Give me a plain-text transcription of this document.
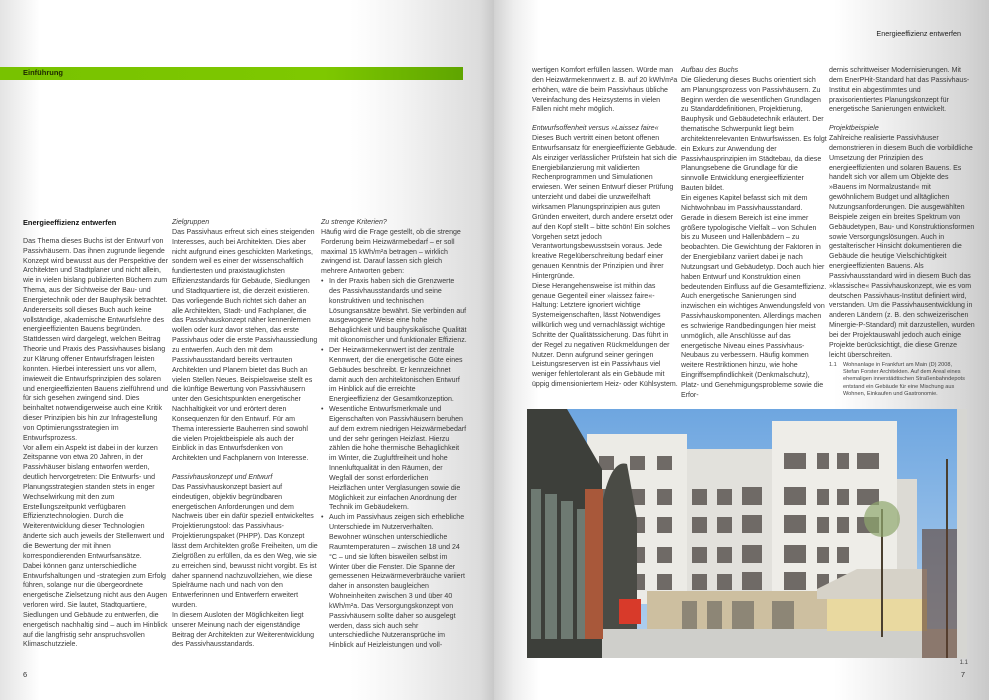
Einführung

Energieeffizienz entwerfen

Das Thema dieses Buchs ist der Entwurf von Passivhäusern. Das ihnen zugrunde liegende Konzept wird bewusst aus der Perspektive der Architekten und Stadtplaner und nicht allein, wie in vielen bislang publizierten Büchern zum Thema, aus der Sichtweise der Bau- und Energietechnik oder der Bauphysik betrachtet.

Andererseits soll dieses Buch auch keine vollständige, akademische Entwurfslehre des energieeffizienten Bauens begründen. Stattdessen wird dargelegt, welchen Beitrag Theorie und Praxis des Passivhauses bislang zur Klärung offener Entwurfsfragen leisten konnten. Hierbei interessiert uns vor allem, inwieweit die Entwurfsprinzipien des solaren und energieeffizienten Bauens zielführend und für sich gesehen zwingend sind. Dies beinhaltet notwendigerweise auch eine Kritik dieser Prinzipien bis hin zur Infragestellung von Optimierungsstrategien im Entwurfsprozess.

Vor allem ein Aspekt ist dabei in der kurzen Zeitspanne von etwa 20 Jahren, in der Passivhäuser bislang entworfen werden, deutlich hervorgetreten: Die Entwurfs- und Planungsstrategien standen stets in enger Wechselwirkung mit den zum Erstellungszeitpunkt verfügbaren Effizienztechnologien. Durch die Weiterentwicklung dieser Technologien änderte sich auch jeweils der Stellenwert und die Bewertung der mit ihnen korrespondierenden Entwurfsansätze.

Dabei können ganz unterschiedliche Entwurfshaltungen und -strategien zum Erfolg führen, solange nur die übergeordnete energetische Zielsetzung nicht aus den Augen verloren wird. Sie lautet, Stadtquartiere, Siedlungen und Gebäude zu entwerfen, die energetisch nachhaltig sind – auch im Hinblick auf die langfristig sehr anspruchsvollen Klimaschutzziele.

Zielgruppen

Das Passivhaus erfreut sich eines steigenden Interesses, auch bei Architekten. Dies aber nicht aufgrund eines geschickten Marketings, sondern weil es einer der wissenschaftlich fundiertesten und praxistauglichsten Effizienzstandards für Gebäude, Siedlungen und Stadtquartiere ist, die derzeit existieren.

Das vorliegende Buch richtet sich daher an alle Architekten, Stadt- und Fachplaner, die das Passivhauskonzept näher kennenlernen wollen oder kurz davor stehen, das erste Passivhaus oder die erste Passivhaussiedlung zu entwerfen. Auch den mit dem Passivhausstandard bereits vertrauten Architekten und Planern bietet das Buch an vielen Stellen Neues. Beispielsweise stellt es die künftige Bewertung von Passivhäusern unter den Gesichtspunkten energetischer Nachhaltigkeit vor und erörtert deren Konsequenzen für den Entwurf. Für am Thema interessierte Bauherren sind sowohl die vielen Projektbeispiele als auch der Einblick in das Entwurfsdenken von Architekten und Fachplanern von Interesse.

Passivhauskonzept und Entwurf

Das Passivhauskonzept basiert auf eindeutigen, objektiv begründbaren energetischen Anforderungen und dem Nachweis über ein dafür speziell entwickeltes Projektierungstool: das Passivhaus-Projektierungspaket (PHPP). Das Konzept lässt dem Architekten große Freiheiten, um die Zielgrößen zu erfüllen, da es den Weg, wie sie zu erreichen sind, bewusst nicht vorgibt. Es ist daher spannend nachzuvollziehen, wie diese Spielräume nach und nach von den Entwerferinnen und Entwerfern erweitert wurden.

In diesem Ausloten der Möglichkeiten liegt unserer Meinung nach der eigenständige Beitrag der Architekten zur Weiterentwicklung des Passivhausstandards.

Zu strenge Kriterien?

Häufig wird die Frage gestellt, ob die strenge Forderung beim Heizwärmebedarf – er soll maximal 15 kWh/m²a betragen – wirklich zwingend ist. Darauf lassen sich gleich mehrere Antworten geben:

• In der Praxis haben sich die Grenzwerte des Passivhausstandards und seine konstruktiven und technischen Lösungsansätze bewährt. Sie verbinden auf ausgewogene Weise eine hohe Behaglichkeit und bauphysikalische Qualität mit ökonomischer und funktionaler Effizienz.
• Der Heizwärmekennwert ist der zentrale Kennwert, der die energetische Güte eines Gebäudes beschreibt. Er kennzeichnet damit auch den architektonischen Entwurf im Hinblick auf die erreichte Energieeffizienz der Gesamtkonzeption.
• Wesentliche Entwurfsmerkmale und Eigenschaften von Passivhäusern beruhen auf dem extrem niedrigen Heizwärmebedarf und der sehr geringen Heizlast. Hierzu zählen die hohe thermische Behaglichkeit im Winter, die Zugluftfreiheit und hohe Innenluftqualität in den Räumen, der Wegfall der sonst erforderlichen Heizflächen unter Verglasungen sowie die Möglichkeit zur einfachen Anordnung der Technik im Gebäudekern.
• Auch im Passivhaus zeigen sich erhebliche Unterschiede im Nutzerverhalten. Bewohner wünschen unterschiedliche Raumtemperaturen – zwischen 18 und 24 °C – und sie lüften bisweilen selbst im Winter über die Fenster. Die Spanne der gemessenen Heizwärmeverbräuche variiert daher in ansonsten baugleichen Wohneinheiten zwischen 3 und über 40 kWh/m²a. Das Versorgungskonzept von Passivhäusern sollte daher so ausgelegt werden, dass sich auch sehr unterschiedliche Nutzeransprüche im Hinblick auf Heizleistungen und voll-
6
Energieeffizienz entwerfen

wertigen Komfort erfüllen lassen. Würde man den Heizwärmekennwert z. B. auf 20 kWh/m²a erhöhen, wäre die beim Passivhaus übliche Vereinfachung des Heizsystems in vielen Fällen nicht mehr möglich.

Entwurfsoffenheit versus »Laissez faire«

Dieses Buch vertritt einen betont offenen Entwurfsansatz für energieeffiziente Gebäude. Als einziger verlässlicher Prüfstein hat sich die Energiebilanzierung mit validierten Rechenprogrammen und Simulationen erwiesen. Wer seinen Entwurf dieser Prüfung unterzieht und dabei die unzweifelhaft wirksamen Planungsprinzipien aus guten Gründen erweitert, durch andere ersetzt oder auf den Kopf stellt – bitte schön! Ein solches Vorgehen setzt jedoch Verantwortungsbewusstsein voraus. Jede kreative Regelüberschreitung bedarf einer genauen Kenntnis der Prinzipien und ihrer Hintergründe.

Diese Herangehensweise ist mithin das genaue Gegenteil einer »laissez faire«-Haltung: Letztere ignoriert wichtige Systemeigenschaften, lässt Notwendiges willkürlich weg und vernachlässigt wichtige Schritte der Qualitätssicherung. Das führt in der Regel zu negativen Rückmeldungen der Nutzer. Denn aufgrund seiner geringen Leistungsreserven ist ein Passivhaus viel weniger fehlertolerant als ein Gebäude mit üppig dimensioniertem Heiz- oder Kühlsystem.

Aufbau des Buchs

Die Gliederung dieses Buchs orientiert sich am Planungsprozess von Passivhäusern. Zu Beginn werden die wesentlichen Grundlagen zu Standarddefinitionen, Projektierung, Bauphysik und Gebäudetechnik erläutert. Der thematische Schwerpunkt liegt beim architektenrelevanten Entwurfswissen. Es folgt ein Exkurs zur Anwendung der Passivhausprinzipien im Städtebau, da diese Planungsebene die Grundlage für die sinnvolle Entwicklung energieeffizienter Bauten bildet.

Ein eigenes Kapitel befasst sich mit dem Nichtwohnbau im Passivhausstandard. Gerade in diesem Bereich ist eine immer größere typologische Vielfalt – von Schulen bis zu Museen und Hallenbädern – zu beobachten. Die Gewichtung der Faktoren in der Energiebilanz variiert dabei je nach Nutzungsart und Gebäudetyp. Doch auch hier haben Entwurf und Konstruktion einen bedeutenden Einfluss auf die Gesamteffizienz.

Auch energetische Sanierungen sind inzwischen ein wichtiges Anwendungsfeld von Passivhauskomponenten. Allerdings machen es schwierige Randbedingungen hier meist unmöglich, alle Anschlüsse auf das energetische Niveau eines Passivhaus-Neubaus zu verbessern. Häufig kommen weitere Restriktionen hinzu, wie hohe Eingriffsempfindlichkeit (Denkmalschutz), Platz- und Genehmigungsprobleme sowie die Erfor-

dernis schrittweiser Modernisierungen. Mit dem EnerPHit-Standard hat das Passivhaus-Institut ein abgestimmtes und praxisorientiertes Planungskonzept für energetische Sanierungen entwickelt.

Projektbeispiele

Zahlreiche realisierte Passivhäuser demonstrieren in diesem Buch die vorbildliche Umsetzung der Prinzipien des energieeffizienten und solaren Bauens. Es handelt sich vor allem um Objekte des »Bauens im Normalzustand« mit gewöhnlichem Budget und alltäglichen Nutzungsanforderungen. Die ausgewählten Beispiele zeigen ein breites Spektrum von Gebäudetypen, Bau- und Konstruktionsformen sowie Versorgungslösungen. Auch in gestalterischer Hinsicht dokumentieren die Gebäude die heutige Vielschichtigkeit energieeffizienten Bauens. Als Passivhausstandard wird in diesem Buch das »klassische« Passivhauskonzept, wie es vom deutschen Passivhaus-Institut definiert wird, verstanden. Um die Passivhausentwicklung in anderen Ländern (z. B. den schweizerischen Minergie-P-Standard) mit darzustellen, wurden bei der Projektauswahl jedoch auch einige Projekte berücksichtigt, die diese Grenze leicht überschreiten.

1.1	Wohnanlage in Frankfurt am Main (D) 2008, Stefan Forster Architekten. Auf dem Areal eines ehemaligen innerstädtischen Straßenbahndepots entstand ein Gebäude für eine Mischung aus Wohnen, Einkaufen und Gastronomie.
1.1
7
